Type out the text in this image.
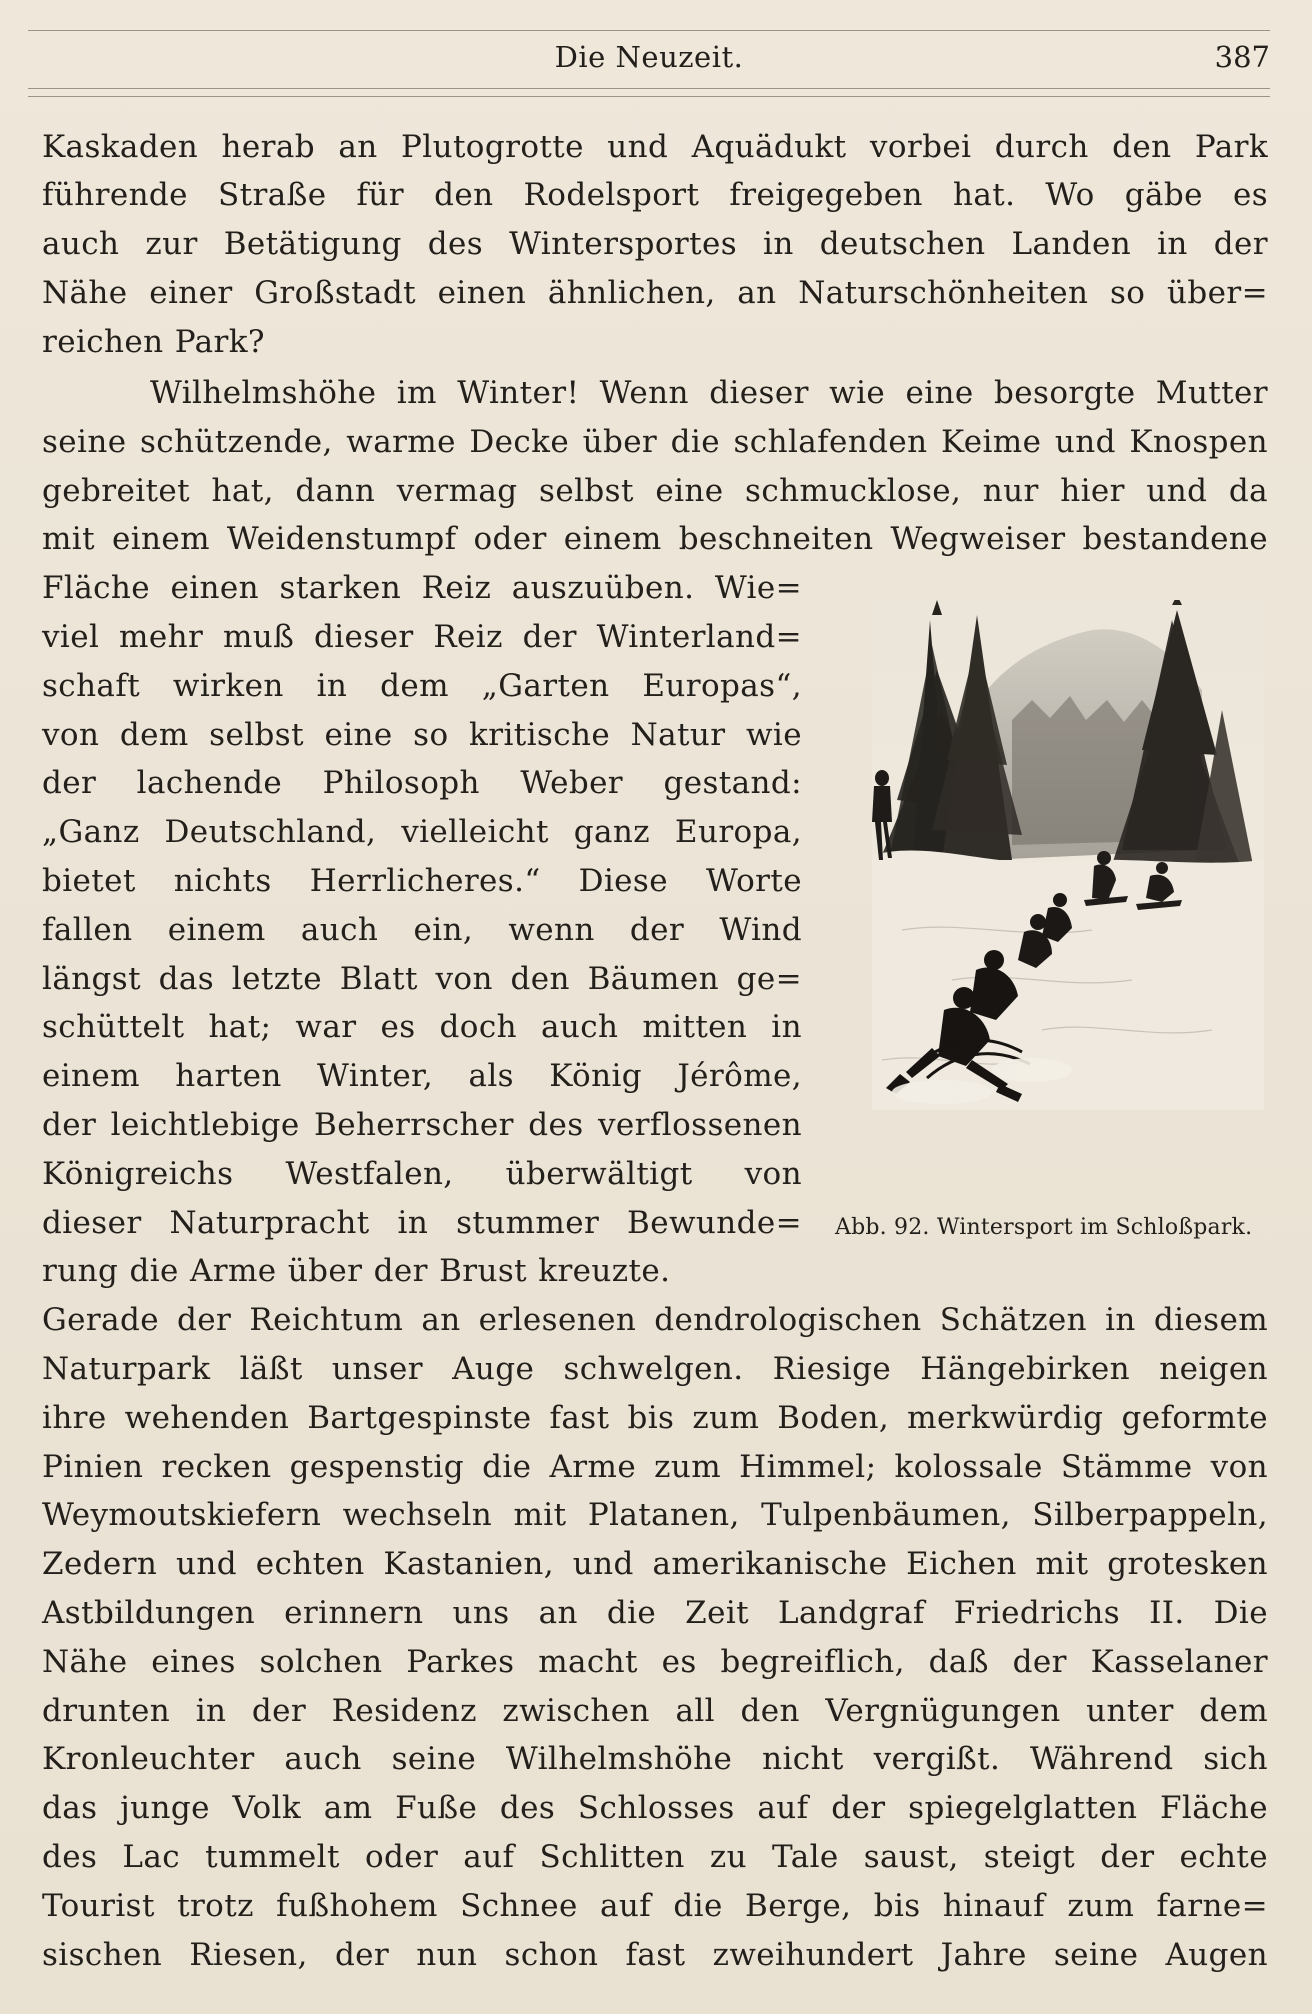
Die Neuzeit.	387
Kaskaden herab an Plutogrotte und Aquädukt vorbei durch den Park
führende Straße für den Rodelsport freigegeben hat. Wo gäbe es
auch zur Betätigung des Wintersportes in deutschen Landen in der
Nähe einer Großstadt einen ähnlichen, an Naturschönheiten so über=
reichen Park?
Wilhelmshöhe im Winter! Wenn dieser wie eine besorgte Mutter
seine schützende, warme Decke über die schlafenden Keime und Knospen
gebreitet hat, dann vermag selbst eine schmucklose, nur hier und da
mit einem Weidenstumpf oder einem beschneiten Wegweiser bestandene
Fläche einen starken Reiz auszuüben. Wie=
viel mehr muß dieser Reiz der Winterland=
schaft wirken in dem „Garten Europas“,
von dem selbst eine so kritische Natur wie
der lachende Philosoph Weber gestand:
„Ganz Deutschland, vielleicht ganz Europa,
bietet nichts Herrlicheres.“ Diese Worte
fallen einem auch ein, wenn der Wind
längst das letzte Blatt von den Bäumen ge=
schüttelt hat; war es doch auch mitten in
einem harten Winter, als König Jérôme,
der leichtlebige Beherrscher des verflossenen
Königreichs Westfalen, überwältigt von
dieser Naturpracht in stummer Bewunde=
rung die Arme über der Brust kreuzte.
Gerade der Reichtum an erlesenen dendrologischen Schätzen in diesem
Naturpark läßt unser Auge schwelgen. Riesige Hängebirken neigen
ihre wehenden Bartgespinste fast bis zum Boden, merkwürdig geformte
Pinien recken gespenstig die Arme zum Himmel; kolossale Stämme von
Weymoutskiefern wechseln mit Platanen, Tulpenbäumen, Silberpappeln,
Zedern und echten Kastanien, und amerikanische Eichen mit grotesken
Astbildungen erinnern uns an die Zeit Landgraf Friedrichs II. Die
Nähe eines solchen Parkes macht es begreiflich, daß der Kasselaner
drunten in der Residenz zwischen all den Vergnügungen unter dem
Kronleuchter auch seine Wilhelmshöhe nicht vergißt. Während sich
das junge Volk am Fuße des Schlosses auf der spiegelglatten Fläche
des Lac tummelt oder auf Schlitten zu Tale saust, steigt der echte
Tourist trotz fußhohem Schnee auf die Berge, bis hinauf zum farne=
sischen Riesen, der nun schon fast zweihundert Jahre seine Augen
Abb. 92. Wintersport im Schloßpark.
